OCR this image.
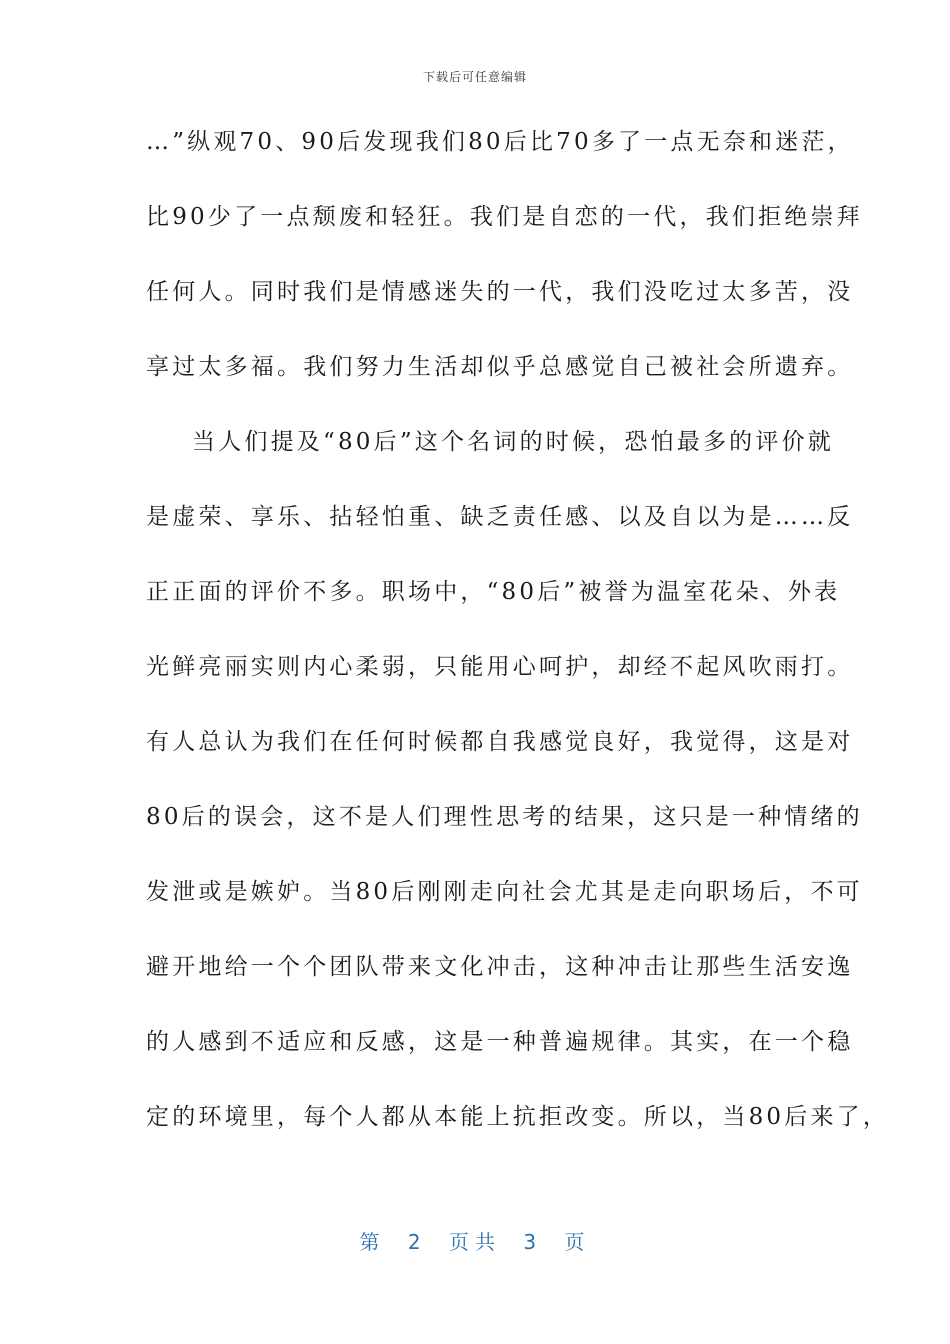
下载后可任意编辑
…”纵观70、90后发现我们80后比70多了一点无奈和迷茫，
比90少了一点颓废和轻狂。我们是自恋的一代，我们拒绝崇拜
任何人。同时我们是情感迷失的一代，我们没吃过太多苦，没
享过太多福。我们努力生活却似乎总感觉自己被社会所遗弃。
当人们提及“80后”这个名词的时候，恐怕最多的评价就
是虚荣、享乐、拈轻怕重、缺乏责任感、以及自以为是……反
正正面的评价不多。职场中，“80后”被誉为温室花朵、外表
光鲜亮丽实则内心柔弱，只能用心呵护，却经不起风吹雨打。
有人总认为我们在任何时候都自我感觉良好，我觉得，这是对
80后的误会，这不是人们理性思考的结果，这只是一种情绪的
发泄或是嫉妒。当80后刚刚走向社会尤其是走向职场后，不可
避开地给一个个团队带来文化冲击，这种冲击让那些生活安逸
的人感到不适应和反感，这是一种普遍规律。其实，在一个稳
定的环境里，每个人都从本能上抗拒改变。所以，当80后来了，
第 2 页共 3 页
